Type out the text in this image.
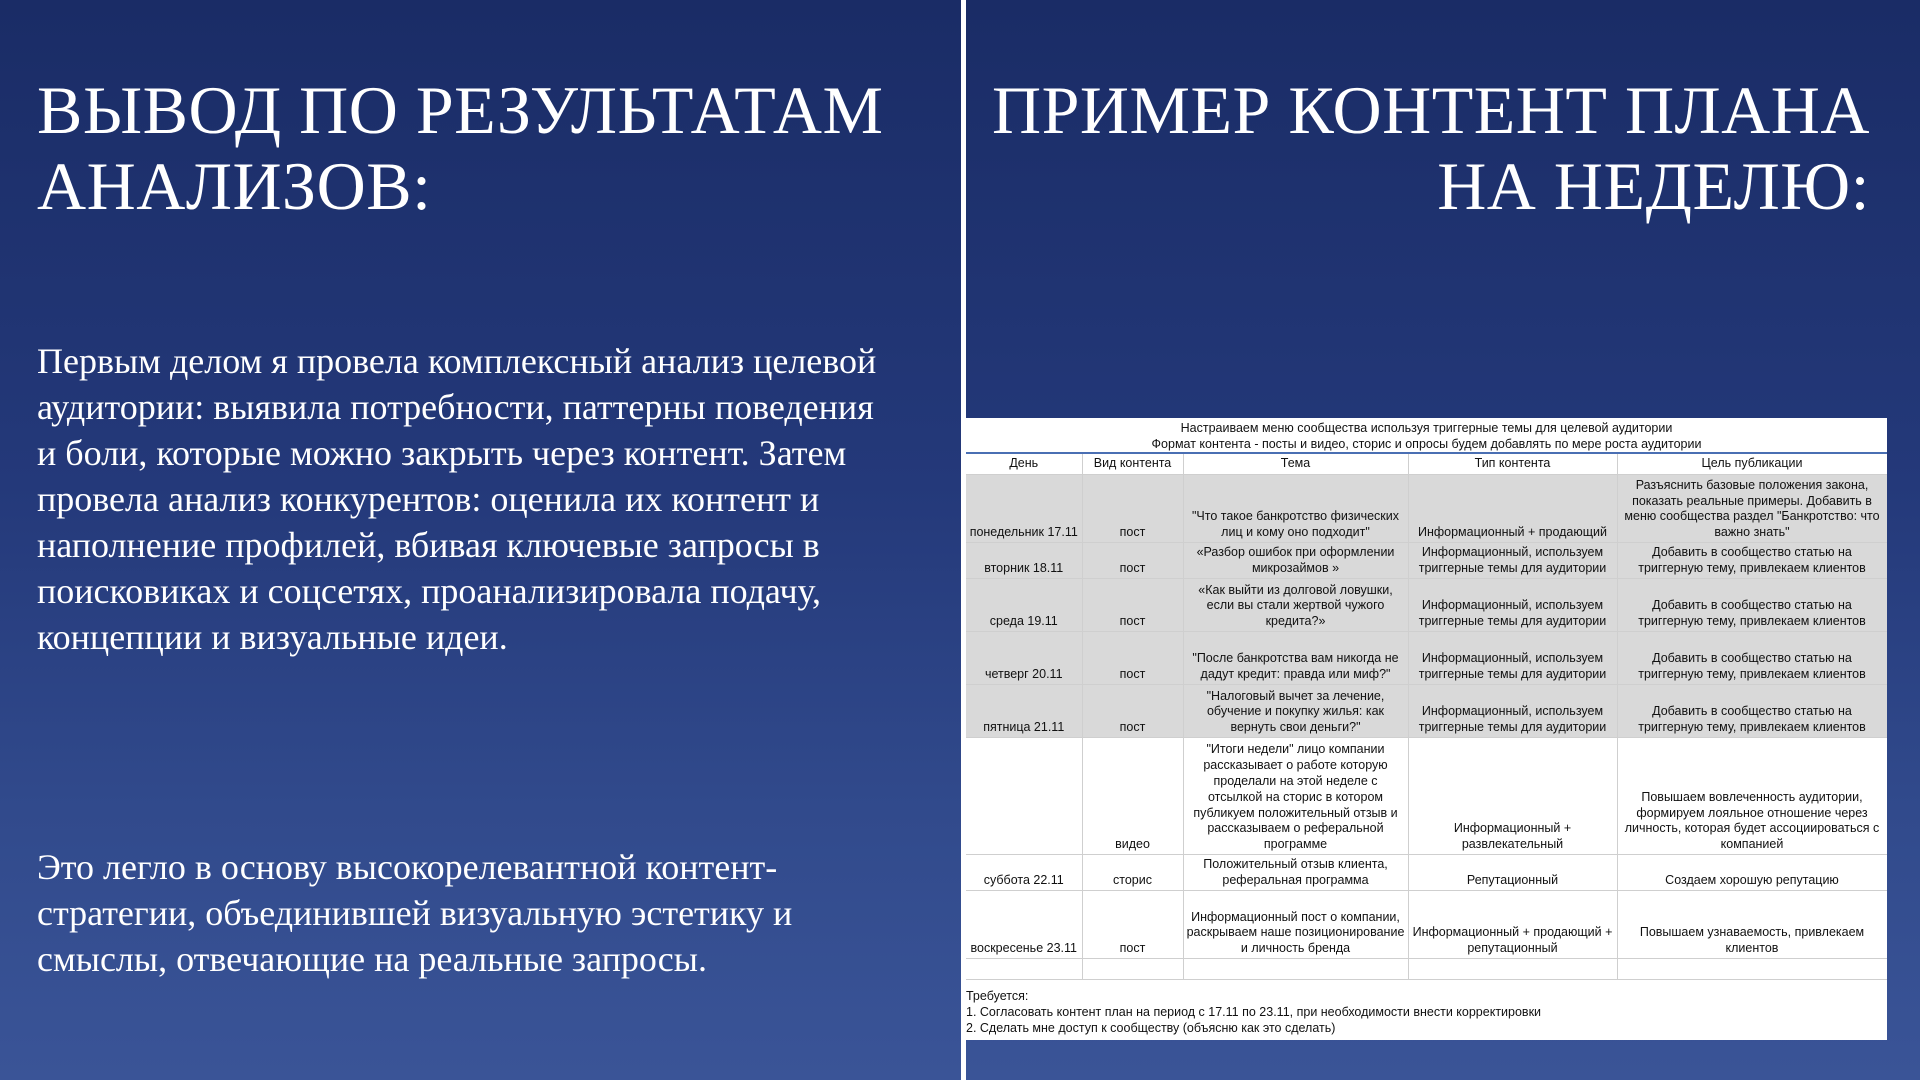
ВЫВОД ПО РЕЗУЛЬТАТАМ АНАЛИЗОВ:

Первым делом я провела комплексный анализ целевой аудитории: выявила потребности, паттерны поведения и боли, которые можно закрыть через контент. Затем провела анализ конкурентов: оценила их контент и наполнение профилей, вбивая ключевые запросы в поисковиках и соцсетях, проанализировала подачу, концепции и визуальные идеи.

Это легло в основу высокорелевантной контент-стратегии, объединившей визуальную эстетику и смыслы, отвечающие на реальные запросы.

ПРИМЕР КОНТЕНТ ПЛАНА НА НЕДЕЛЮ:
Настраиваем меню сообщества используя триггерные темы для целевой аудитории
Формат контента - посты и видео, сторис и опросы будем добавлять по мере роста аудитории
День	Вид контента	Тема	Тип контента	Цель публикации
понедельник 17.11	пост	"Что такое банкротство физических лиц и кому оно подходит"	Информационный + продающий	Разъяснить базовые положения закона, показать реальные примеры. Добавить в меню сообщества раздел "Банкротство: что важно знать"
вторник 18.11	пост	«Разбор ошибок при оформлении микрозаймов »	Информационный, используем триггерные темы для аудитории	Добавить в сообщество статью на триггерную тему, привлекаем клиентов
среда 19.11	пост	«Как выйти из долговой ловушки, если вы стали жертвой чужого кредита?»	Информационный, используем триггерные темы для аудитории	Добавить в сообщество статью на триггерную тему, привлекаем клиентов
четверг 20.11	пост	"После банкротства вам никогда не дадут кредит: правда или миф?"	Информационный, используем триггерные темы для аудитории	Добавить в сообщество статью на триггерную тему, привлекаем клиентов
пятница 21.11	пост	"Налоговый вычет за лечение, обучение и покупку жилья: как вернуть свои деньги?"	Информационный, используем триггерные темы для аудитории	Добавить в сообщество статью на триггерную тему, привлекаем клиентов
	видео	"Итоги недели" лицо компании рассказывает о работе которую проделали на этой неделе с отсылкой на сторис в котором публикуем положительный отзыв и рассказываем о реферальной программе	Информационный + развлекательный	Повышаем вовлеченность аудитории, формируем лояльное отношение через личность, которая будет ассоциироваться с компанией
суббота 22.11	сторис	Положительный отзыв клиента, реферальная программа	Репутационный	Создаем хорошую репутацию
воскресенье 23.11	пост	Информационный пост о компании, раскрываем наше позиционирование и личность бренда	Информационный + продающий + репутационный	Повышаем узнаваемость, привлекаем клиентов

Требуется:
1. Согласовать контент план на период с 17.11 по 23.11, при необходимости внести корректировки
2. Сделать мне доступ к сообществу (объясню как это сделать)
